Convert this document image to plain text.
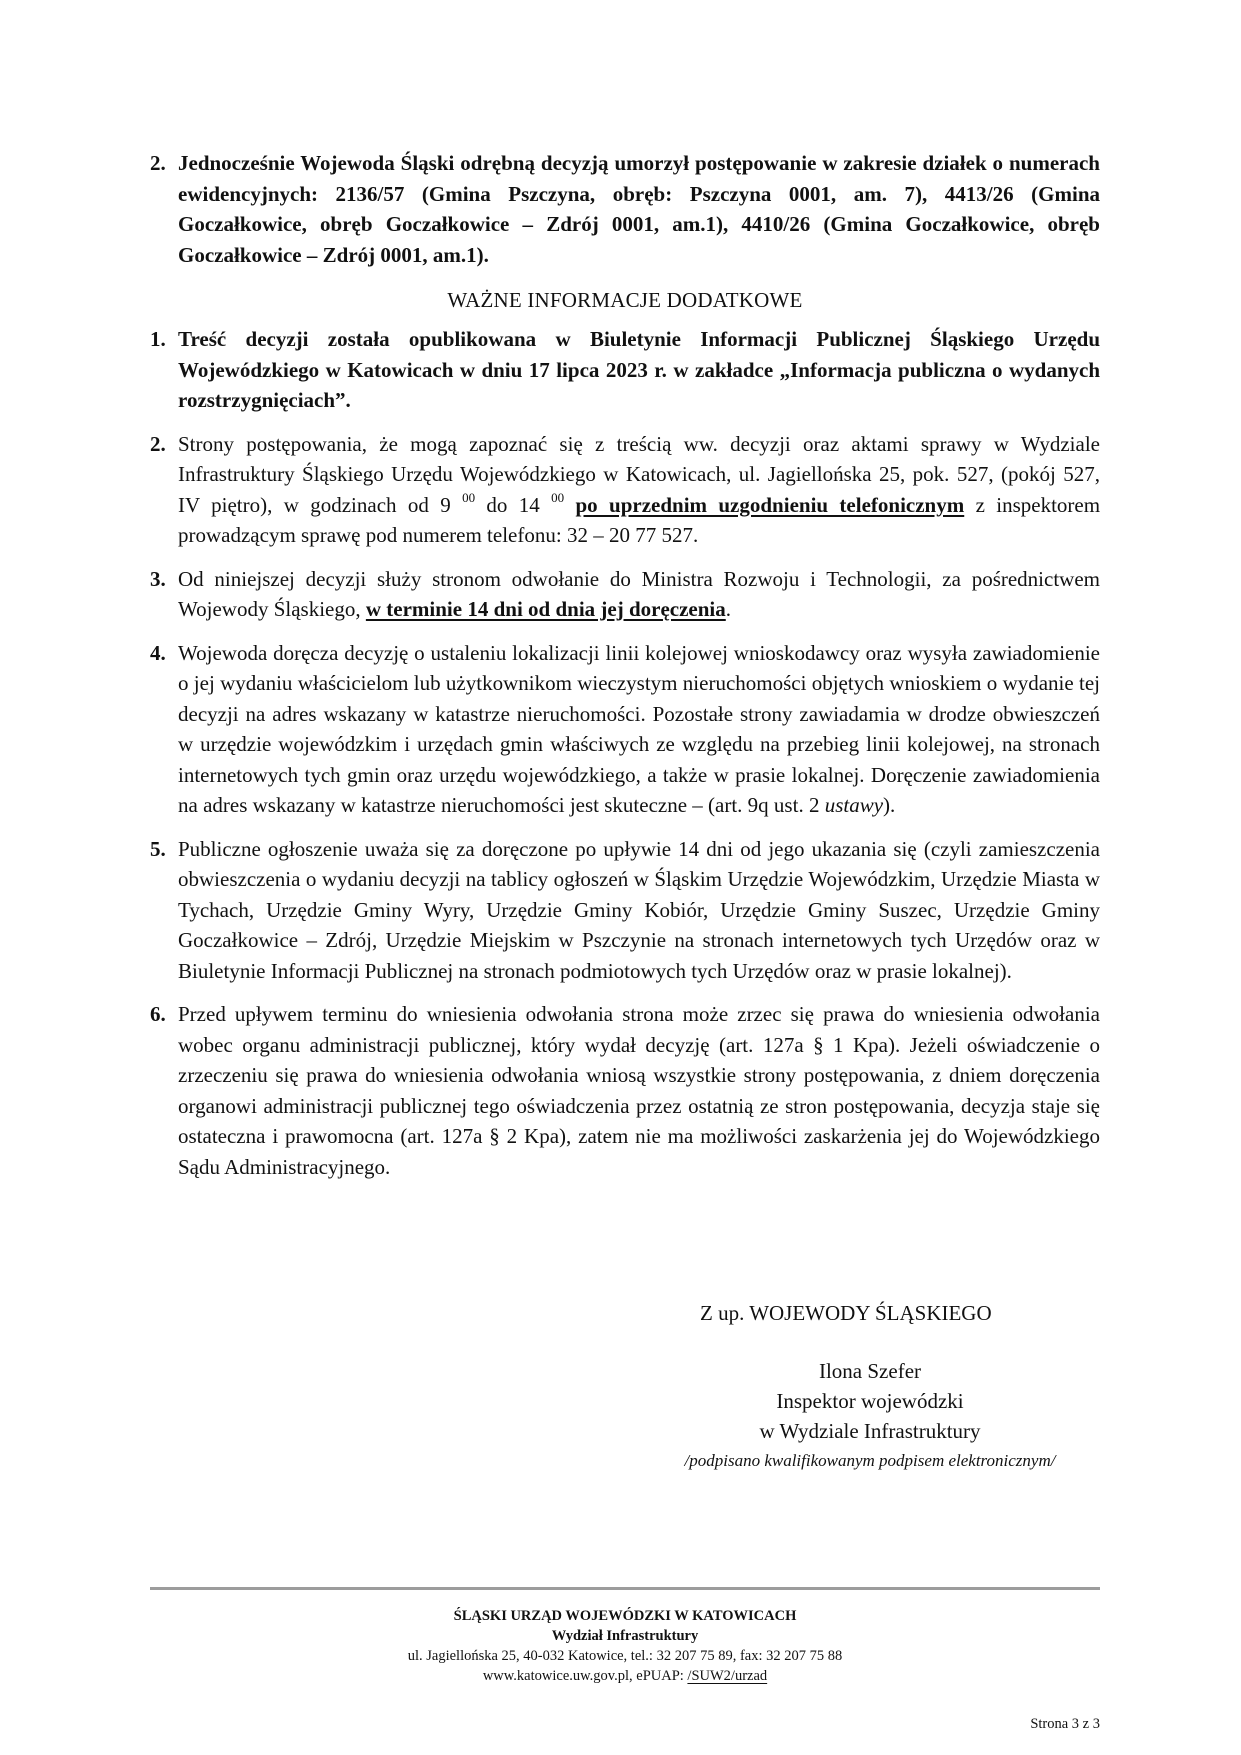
2. Jednocześnie Wojewoda Śląski odrębną decyzją umorzył postępowanie w zakresie działek o numerach ewidencyjnych: 2136/57 (Gmina Pszczyna, obręb: Pszczyna 0001, am. 7), 4413/26 (Gmina Goczałkowice, obręb Goczałkowice – Zdrój 0001, am.1), 4410/26 (Gmina Goczałkowice, obręb Goczałkowice – Zdrój 0001, am.1).
WAŻNE INFORMACJE DODATKOWE
1. Treść decyzji została opublikowana w Biuletynie Informacji Publicznej Śląskiego Urzędu Wojewódzkiego w Katowicach w dniu 17 lipca 2023 r. w zakładce „Informacja publiczna o wydanych rozstrzygnięciach”.
2. Strony postępowania, że mogą zapoznać się z treścią ww. decyzji oraz aktami sprawy w Wydziale Infrastruktury Śląskiego Urzędu Wojewódzkiego w Katowicach, ul. Jagiellońska 25, pok. 527, (pokój 527, IV piętro), w godzinach od 9 $^{00}$ do 14 $^{00}$ po uprzednim uzgodnieniu telefonicznym z inspektorem prowadzącym sprawę pod numerem telefonu: 32 – 20 77 527.
3. Od niniejszej decyzji służy stronom odwołanie do Ministra Rozwoju i Technologii, za pośrednictwem Wojewody Śląskiego, w terminie 14 dni od dnia jej doręczenia.
4. Wojewoda doręcza decyzję o ustaleniu lokalizacji linii kolejowej wnioskodawcy oraz wysyła zawiadomienie o jej wydaniu właścicielom lub użytkownikom wieczystym nieruchomości objętych wnioskiem o wydanie tej decyzji na adres wskazany w katastrze nieruchomości. Pozostałe strony zawiadamia w drodze obwieszczeń w urzędzie wojewódzkim i urzędach gmin właściwych ze względu na przebieg linii kolejowej, na stronach internetowych tych gmin oraz urzędu wojewódzkiego, a także w prasie lokalnej. Doręczenie zawiadomienia na adres wskazany w katastrze nieruchomości jest skuteczne – (art. 9q ust. 2 ustawy).
5. Publiczne ogłoszenie uważa się za doręczone po upływie 14 dni od jego ukazania się (czyli zamieszczenia obwieszczenia o wydaniu decyzji na tablicy ogłoszeń w Śląskim Urzędzie Wojewódzkim, Urzędzie Miasta w Tychach, Urzędzie Gminy Wyry, Urzędzie Gminy Kobiór, Urzędzie Gminy Suszec, Urzędzie Gminy Goczałkowice – Zdrój, Urzędzie Miejskim w Pszczynie na stronach internetowych tych Urzędów oraz w Biuletynie Informacji Publicznej na stronach podmiotowych tych Urzędów oraz w prasie lokalnej).
6. Przed upływem terminu do wniesienia odwołania strona może zrzec się prawa do wniesienia odwołania wobec organu administracji publicznej, który wydał decyzję (art. 127a § 1 Kpa). Jeżeli oświadczenie o zrzeczeniu się prawa do wniesienia odwołania wniosą wszystkie strony postępowania, z dniem doręczenia organowi administracji publicznej tego oświadczenia przez ostatnią ze stron postępowania, decyzja staje się ostateczna i prawomocna (art. 127a § 2 Kpa), zatem nie ma możliwości zaskarżenia jej do Wojewódzkiego Sądu Administracyjnego.
Z up. WOJEWODY ŚLĄSKIEGO
Ilona Szefer
Inspektor wojewódzki
w Wydziale Infrastruktury
/podpisano kwalifikowanym podpisem elektronicznym/
ŚLĄSKI URZĄD WOJEWÓDZKI W KATOWICACH
Wydział Infrastruktury
ul. Jagiellońska 25, 40-032 Katowice, tel.: 32 207 75 89, fax: 32 207 75 88
www.katowice.uw.gov.pl, ePUAP: /SUW2/urzad
Strona 3 z 3
